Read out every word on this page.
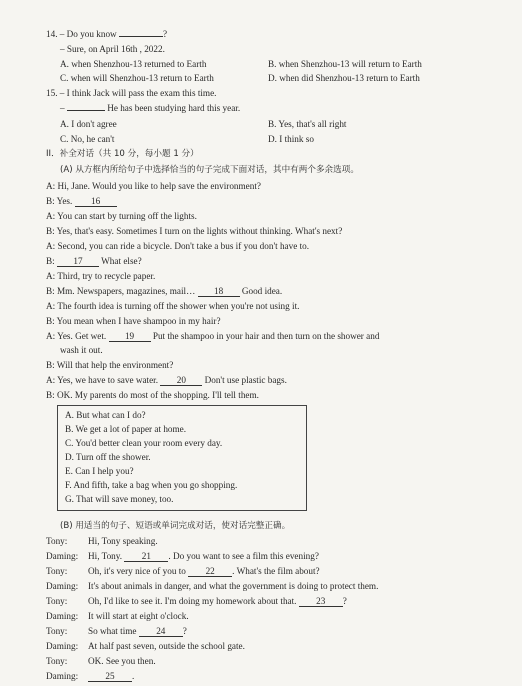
14. – Do you know	?
– Sure, on April 16th , 2022.
A. when Shenzhou-13 returned to Earth	B. when Shenzhou-13 will return to Earth
C. when will Shenzhou-13 return to Earth	D. when did Shenzhou-13 return to Earth
15. – I think Jack will pass the exam this time.
–	He has been studying hard this year.
A. I don't agree	B. Yes, that's all right
C. No, he can't	D. I think so
II．补全对话（共 10 分，每小题 1 分）
(A) 从方框内所给句子中选择恰当的句子完成下面对话，其中有两个多余选项。
A: Hi, Jane. Would you like to help save the environment?
B: Yes. 16
A: You can start by turning off the lights.
B: Yes, that's easy. Sometimes I turn on the lights without thinking. What's next?
A: Second, you can ride a bicycle. Don't take a bus if you don't have to.
B: 17 What else?
A: Third, try to recycle paper.
B: Mm. Newspapers, magazines, mail… 18 Good idea.
A: The fourth idea is turning off the shower when you're not using it.
B: You mean when I have shampoo in my hair?
A: Yes. Get wet. 19 Put the shampoo in your hair and then turn on the shower and
wash it out.
B: Will that help the environment?
A: Yes, we have to save water. 20 Don't use plastic bags.
B: OK. My parents do most of the shopping. I'll tell them.
A. But what can I do?
B. We get a lot of paper at home.
C. You'd better clean your room every day.
D. Turn off the shower.
E. Can I help you?
F. And fifth, take a bag when you go shopping.
G. That will save money, too.
(B) 用适当的句子、短语或单词完成对话，使对话完整正确。
Tony: Hi, Tony speaking.
Daming: Hi, Tony. 21 . Do you want to see a film this evening?
Tony: Oh, it's very nice of you to 22 . What's the film about?
Daming: It's about animals in danger, and what the government is doing to protect them.
Tony: Oh, I'd like to see it. I'm doing my homework about that. 23 ?
Daming: It will start at eight o'clock.
Tony: So what time 24 ?
Daming: At half past seven, outside the school gate.
Tony: OK. See you then.
Daming:	25 .
